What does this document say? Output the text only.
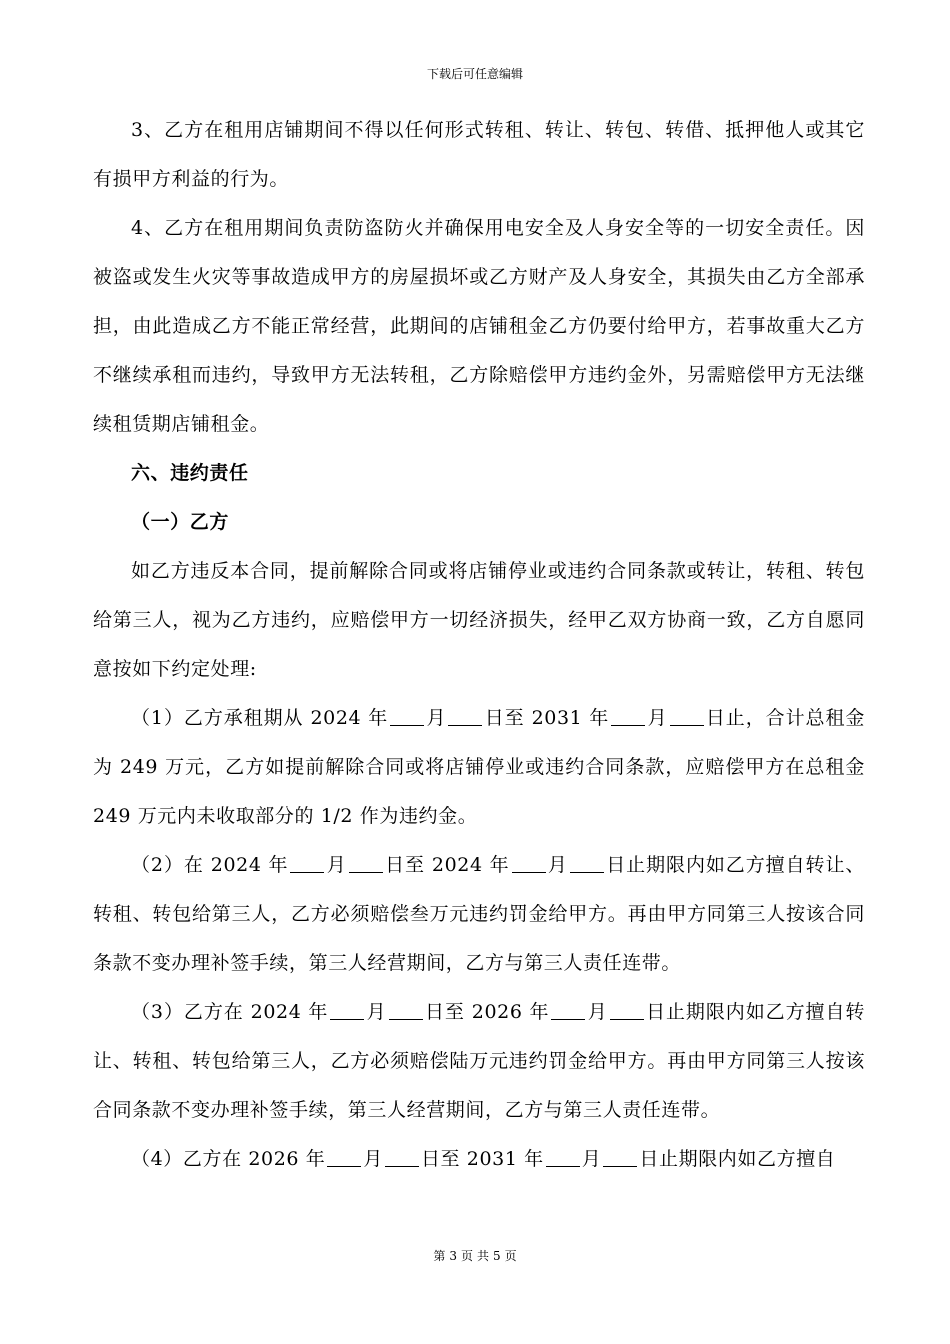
下载后可任意编辑

3、乙方在租用店铺期间不得以任何形式转租、转让、转包、转借、抵押他人或其它有损甲方利益的行为。

4、乙方在租用期间负责防盗防火并确保用电安全及人身安全等的一切安全责任。因被盗或发生火灾等事故造成甲方的房屋损坏或乙方财产及人身安全，其损失由乙方全部承担，由此造成乙方不能正常经营，此期间的店铺租金乙方仍要付给甲方，若事故重大乙方不继续承租而违约，导致甲方无法转租，乙方除赔偿甲方违约金外，另需赔偿甲方无法继续租赁期店铺租金。

六、违约责任

（一）乙方

如乙方违反本合同，提前解除合同或将店铺停业或违约合同条款或转让，转租、转包给第三人，视为乙方违约，应赔偿甲方一切经济损失，经甲乙双方协商一致，乙方自愿同意按如下约定处理:

（1）乙方承租期从 2024 年 月 日至 2031 年 月 日止，合计总租金为 249 万元，乙方如提前解除合同或将店铺停业或违约合同条款，应赔偿甲方在总租金 249 万元内未收取部分的 1/2 作为违约金。

（2）在 2024 年 月 日至 2024 年 月 日止期限内如乙方擅自转让、转租、转包给第三人，乙方必须赔偿叁万元违约罚金给甲方。再由甲方同第三人按该合同条款不变办理补签手续，第三人经营期间，乙方与第三人责任连带。

（3）乙方在 2024 年 月 日至 2026 年 月 日止期限内如乙方擅自转让、转租、转包给第三人，乙方必须赔偿陆万元违约罚金给甲方。再由甲方同第三人按该合同条款不变办理补签手续，第三人经营期间，乙方与第三人责任连带。

（4）乙方在 2026 年 月 日至 2031 年 月 日止期限内如乙方擅自

第 3 页 共 5 页
